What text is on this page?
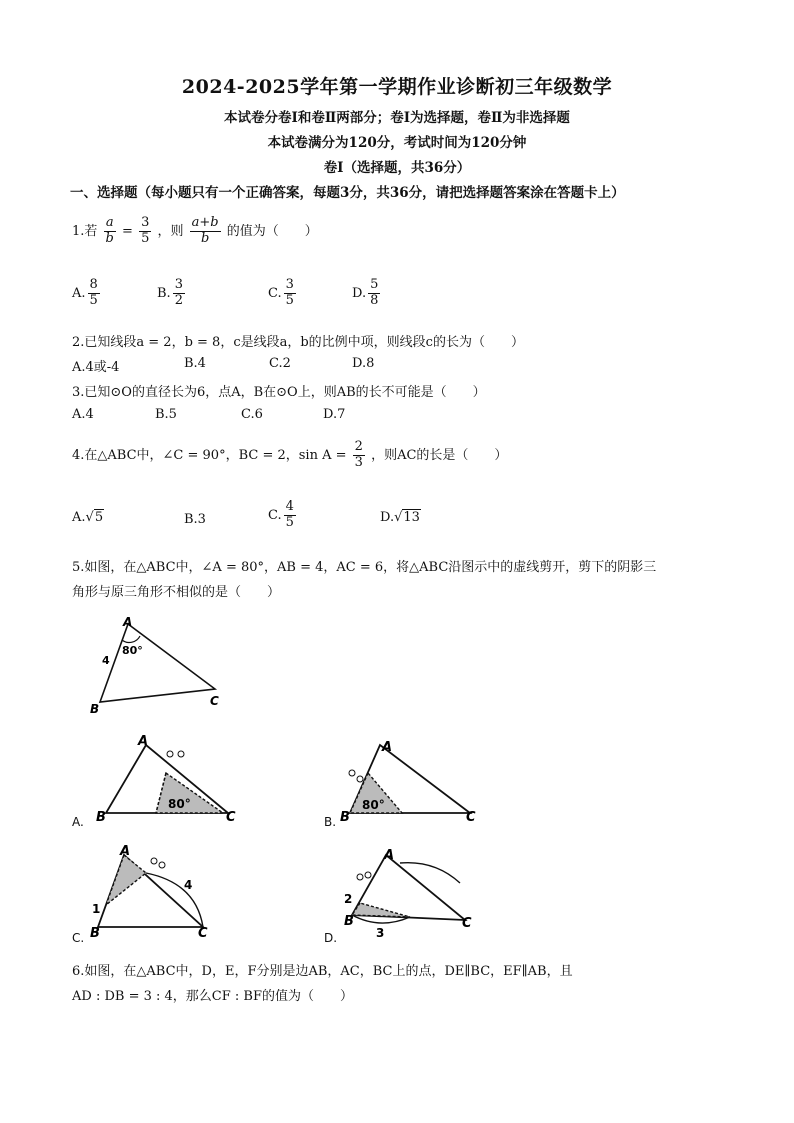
2024-2025学年第一学期作业诊断初三年级数学
本试卷分卷Ⅰ和卷Ⅱ两部分；卷Ⅰ为选择题，卷Ⅱ为非选择题
本试卷满分为120分，考试时间为120分钟
卷Ⅰ（选择题，共36分）
一、选择题（每小题只有一个正确答案，每题3分，共36分，请把选择题答案涂在答题卡上）
1.若 $\frac{a}{b} = \frac{3}{5}$ ，则 $\frac{a+b}{b}$ 的值为（　　）
A. $\frac{8}{5}$	B. $\frac{3}{2}$	C. $\frac{3}{5}$	D. $\frac{5}{8}$
2.已知线段a = 2，b = 8，c是线段a，b的比例中项，则线段c的长为（　　）
A.4或-4	B.4	C.2	D.8
3.已知⊙O的直径长为6，点A，B在⊙O上，则AB的长不可能是（　　）
A.4	B.5	C.6	D.7
4.在△ABC中，∠C = 90°，BC = 2，$\sin A = \frac{2}{3}$ ，则AC的长是（　　）
A.√5	B.3	C. $\frac{4}{5}$	D.√13
5.如图，在△ABC中，∠A = 80°，AB = 4，AC = 6，将△ABC沿图示中的虚线剪开，剪下的阴影三
角形与原三角形不相似的是（　　）
A
B
C
80°
4
A.
A
B	C
80°
B.
A
B	C
80°
C.
A
B	C
1
4
D.
A
B	C
2
3
6.如图，在△ABC中，D，E，F分别是边AB，AC，BC上的点，DE∥BC，EF∥AB，且
AD : DB = 3 : 4，那么CF : BF的值为（　　）
